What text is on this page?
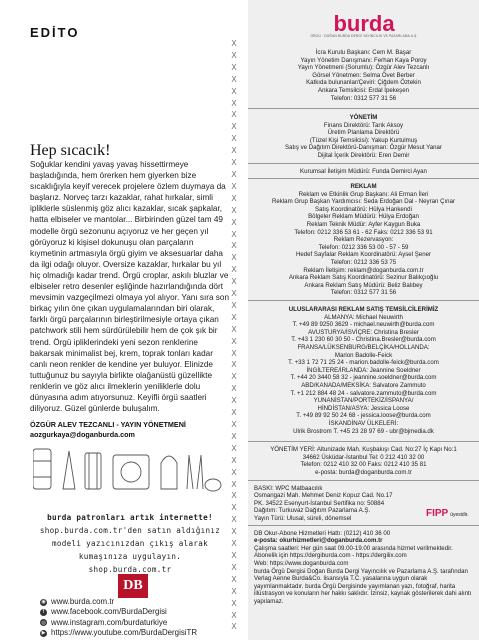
EDİTO
Hep sıcacık!
Soğuklar kendini yavaş yavaş hissettirmeye başladığında, hem örerken hem giyerken bize sıcaklığıyla keyif verecek projelere özlem duymaya da başlarız. Norveç tarzı kazaklar, rahat hırkalar, simli ipliklerle süslenmiş göz alıcı kazaklar, sıcak şapkalar, hatta elbiseler ve mantolar... Birbirinden güzel tam 49 modelle örgü sezonunu açıyoruz ve her geçen yıl görüyoruz ki kişisel dokunuşu olan parçaların kıymetinin artmasıyla örgü giyim ve aksesuarlar daha da ilgi odağı oluyor. Oversize kazaklar, hırkalar bu yıl hiç olmadığı kadar trend. Örgü croplar, askılı bluzlar ve elbiseler retro desenler eşliğinde hazırlandığında dört mevsimin vazgeçilmezi olmaya yol alıyor. Yanı sıra son birkaç yılın öne çıkan uygulamalarından biri olarak, farklı örgü parçalarının birleştirilmesiyle ortaya çıkan patchwork stili hem sürdürülebilir hem de çok şık bir trend. Örgü ipliklerindeki yeni sezon renklerine bakarsak minimalist bej, krem, toprak tonları kadar canlı neon renkler de kendine yer buluyor. Elinizde tuttuğunuz bu sayıyla birlikte olağanüstü güzellikte renklerin ve göz alıcı ilmeklerin yeniliklerle dolu dünyasına adım atıyorsunuz. Keyifli örgü saatleri diliyoruz. Güzel günlerde buluşalım.
ÖZGÜR ALEV TEZCANLI - YAYIN YÖNETMENİ
aozgurkaya@doganburda.com
burda patronları artık internette!
shop.burda.com.tr'den satın aldığınız
modeli yazıcınızdan çıkış alarak
kumaşınıza uygulayın.
shop.burda.com.tr
DB
◉ www.burda.com.tr
f www.facebook.com/BurdaDergisi
◎ www.instagram.com/burdaturkiye
▶ https://www.youtube.com/BurdaDergisiTR
X
X
X
X
X
X
X
X
X
X
X
X
X
X
X
X
X
X
X
X
X
X
X
X
X
X
X
X
X
X
X
X
X
X
X
X
X
X
X
X
X
X
X
X
X
X
X
X
X
X
burda
ÖRGÜ · DOĞAN BURDA DERGİ YAYINCILIK VE PAZARLAMA A.Ş.
İcra Kurulu Başkanı: Cem M. Başar
Yayın Yönetim Danışmanı: Ferhan Kaya Poroy
Yayın Yönetmeni (Sorumlu): Özgür Alev Tezcanlı
Görsel Yönetmen: Selma Övet Berber
Katkıda bulunanlar/Çeviri: Çiğdem Öztekin
Ankara Temsilcisi: Erdal İpekeşen
Telefon: 0312 577 31 56
YÖNETİM
Finans Direktörü: Tarık Aksoy
Üretim Planlama Direktörü
(Tüzel Kişi Temsilcisi): Yakup Kurtulmuş
Satış ve Dağıtım Direktörü-Danışman: Özgür Mesut Yanar
Dijital İçerik Direktörü: Eren Demir
Kurumsal İletişim Müdürü: Funda Demirci Ayan
REKLAM
Reklam ve Etkinlik Grup Başkanı: Ali Erman İleri
Reklam Grup Başkan Yardımcısı: Seda Erdoğan Dal - Neyran Çınar
Satış Koordinatörü: Hülya Hankendi
Bölgeler Reklam Müdürü: Hülya Erdoğan
Reklam Teknik Müdür: Ayfer Kaygun Buka
Telefon: 0212 336 53 61 - 62 Faks: 0212 336 53 91
Reklam Rezervasyon:
Telefon: 0212 336 53 00 - 57 - 59
Hedef Sayfalar Reklam Koordinatörü: Aysel Şener
Telefon: 0212 336 53 75
Reklam İletişim: reklam@doganburda.com.tr
Ankara Reklam Satış Koordinatörü: Sezinur Balıkçıoğlu
Ankara Reklam Satış Müdürü: Beliz Balıbey
Telefon: 0312 577 31 56
ULUSLARARASI REKLAM SATIŞ TEMSİLCİLERİMİZ
ALMANYA: Michael Neuwirth
T. +49 89 9250 3629 - michael.neuwirth@burda.com
AVUSTURYA/İSVİÇRE: Christina Bresler
T. +43 1 230 60 30 50 - Christina.Bresler@burda.com
FRANSA/LÜKSENBURG/BELÇİKA/HOLLANDA:
Marion Badolle-Feick
T. +33 1 72 71 25 24 - marion.badolle-feick@burda.com
İNGİLTERE/İRLANDA: Jeannine Soeldner
T. +44 20 3440 58 32 - jeannine.soeldner@burda.com
ABD/KANADA/MEKSİKA: Salvatore Zammuto
T. +1 212 884 48 24 - salvatore.zammuto@burda.com
YUNANİSTAN/PORTEKİZ/İSPANYA/
HİNDİSTAN/ASYA: Jessica Loose
T. +49 89 92 50 24 68 - jessica.loose@burda.com
İSKANDİNAV ÜLKELERİ:
Ulrik Brostrom T. +45 23 28 97 69 - ubr@bjmedia.dk
YÖNETİM YERİ: Altunizade Mah. Kuşbakışı Cad. No:27 İç Kapı No:1
34662 Üsküdar-İstanbul Tel: 0 212 410 32 00
Telefon: 0212 410 32 00 Faks: 0212 410 35 81
e-posta: burda@doganburda.com.tr
BASKI: WPC Matbaacılık
Osmangazi Mah. Mehmet Deniz Kopuz Cad. No.17
PK. 34522 Esenyurt-İstanbul Sertifika no: 50884
Dağıtım: Turkuvaz Dağıtım Pazarlama A.Ş.
Yayın Türü: Ulusal, süreli, dönemsel	FIPP üyesidir.
DB Okur-Abone Hizmetleri Hattı: (0212) 410 36 00
e-posta: okurhizmetleri@doganburda.com.tr
Çalışma saatleri: Her gün saat 09.00-19.00 arasında hizmet verilmektedir.
Abonelik için https://dergiburda.com - https://dergilix.com
Web: https://www.doganburda.com
burda Örgü Dergisi Doğan Burda Dergi Yayıncılık ve Pazarlama A.Ş. tarafından Verlag Aenne Burda&Co. lisansıyla T.C. yasalarına uygun olarak yayımlanmaktadır. burda Örgü Dergisinde yayımlanan yazı, fotoğraf, harita illüstrasyon ve konuların her hakkı saklıdır. İzinsiz, kaynak gösterilerek dahi alıntı yapılamaz.
